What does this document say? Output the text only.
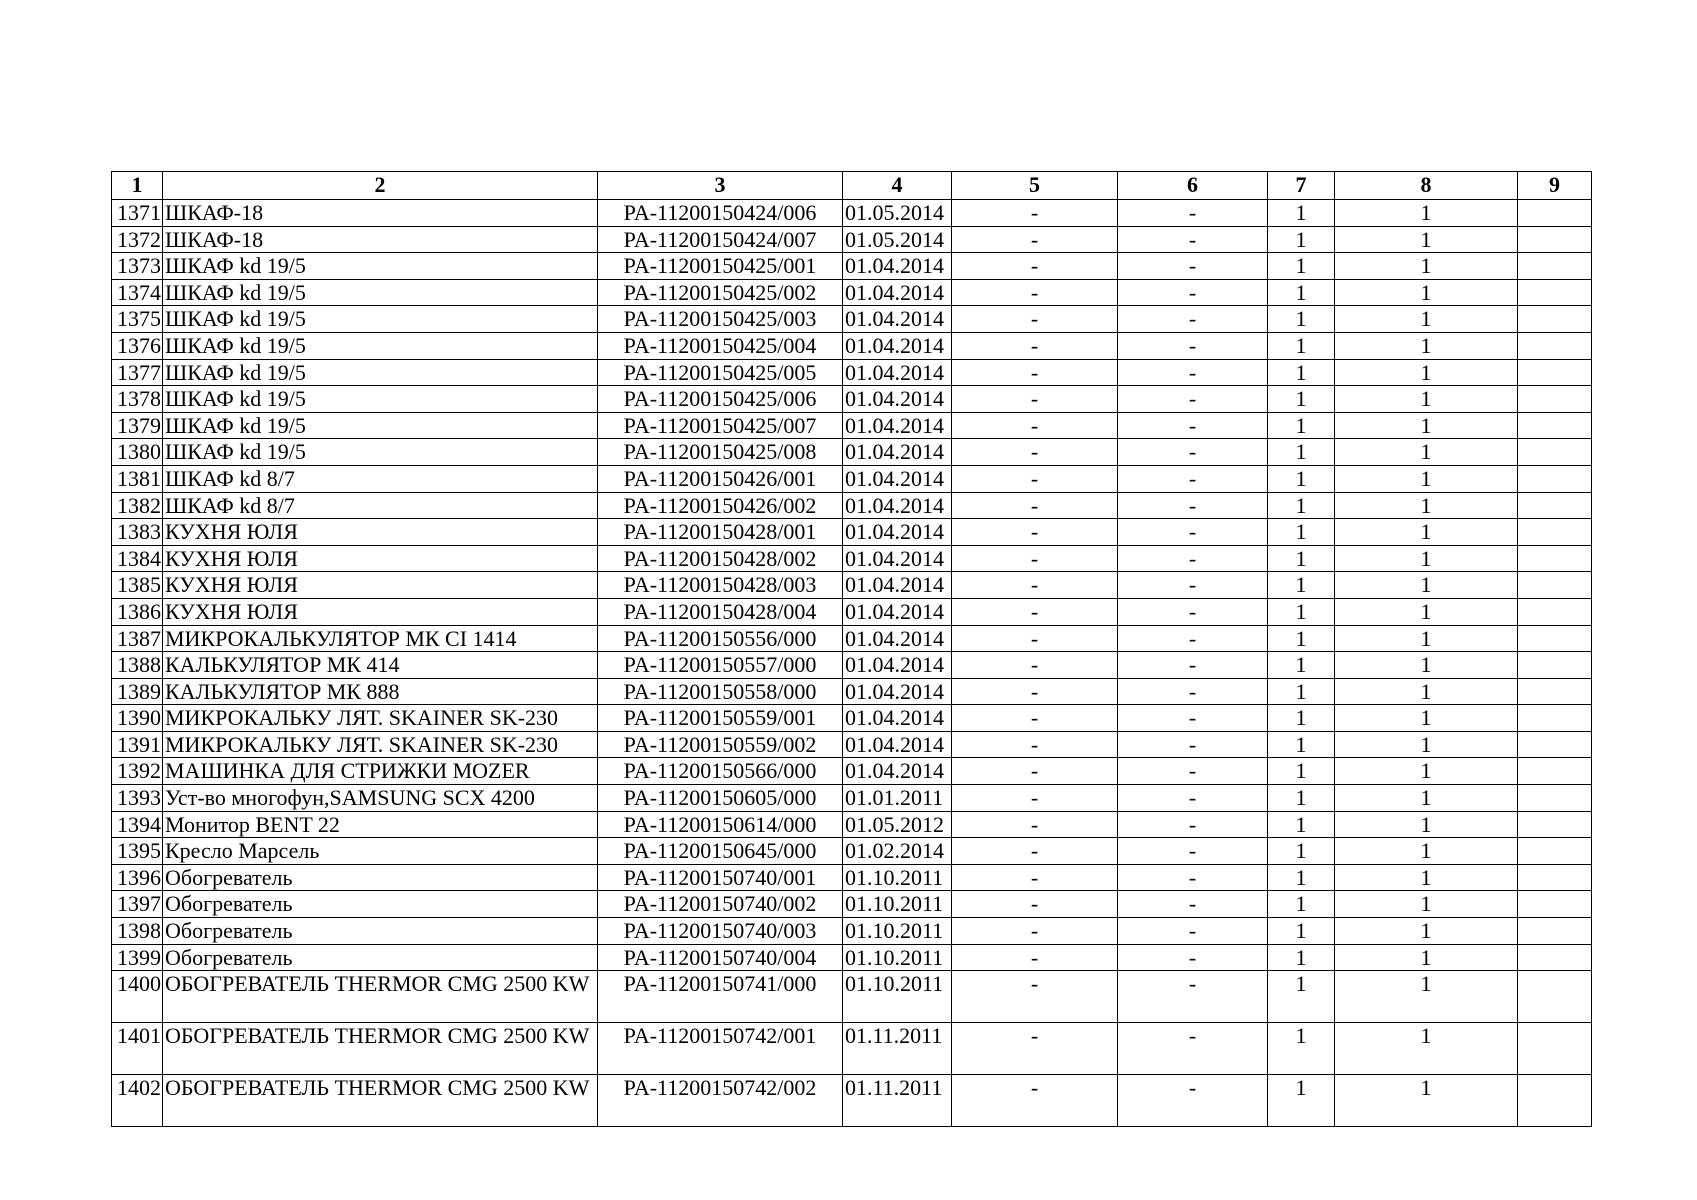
1	2	3	4	5	6	7	8	9
1371	ШКАФ-18	PA-11200150424/006	01.05.2014	-	-	1	1	
1372	ШКАФ-18	PA-11200150424/007	01.05.2014	-	-	1	1	
1373	ШКАФ kd 19/5	PA-11200150425/001	01.04.2014	-	-	1	1	
1374	ШКАФ kd 19/5	PA-11200150425/002	01.04.2014	-	-	1	1	
1375	ШКАФ kd 19/5	PA-11200150425/003	01.04.2014	-	-	1	1	
1376	ШКАФ kd 19/5	PA-11200150425/004	01.04.2014	-	-	1	1	
1377	ШКАФ kd 19/5	PA-11200150425/005	01.04.2014	-	-	1	1	
1378	ШКАФ kd 19/5	PA-11200150425/006	01.04.2014	-	-	1	1	
1379	ШКАФ kd 19/5	PA-11200150425/007	01.04.2014	-	-	1	1	
1380	ШКАФ kd 19/5	PA-11200150425/008	01.04.2014	-	-	1	1	
1381	ШКАФ kd 8/7	PA-11200150426/001	01.04.2014	-	-	1	1	
1382	ШКАФ kd 8/7	PA-11200150426/002	01.04.2014	-	-	1	1	
1383	КУХНЯ ЮЛЯ	PA-11200150428/001	01.04.2014	-	-	1	1	
1384	КУХНЯ ЮЛЯ	PA-11200150428/002	01.04.2014	-	-	1	1	
1385	КУХНЯ ЮЛЯ	PA-11200150428/003	01.04.2014	-	-	1	1	
1386	КУХНЯ ЮЛЯ	PA-11200150428/004	01.04.2014	-	-	1	1	
1387	МИКРОКАЛЬКУЛЯТОР МК CI 1414	PA-11200150556/000	01.04.2014	-	-	1	1	
1388	КАЛЬКУЛЯТОР МК 414	PA-11200150557/000	01.04.2014	-	-	1	1	
1389	КАЛЬКУЛЯТОР МК 888	PA-11200150558/000	01.04.2014	-	-	1	1	
1390	МИКРОКАЛЬКУ ЛЯТ. SKAINER SK-230	PA-11200150559/001	01.04.2014	-	-	1	1	
1391	МИКРОКАЛЬКУ ЛЯТ. SKAINER SK-230	PA-11200150559/002	01.04.2014	-	-	1	1	
1392	МАШИНКА ДЛЯ СТРИЖКИ MOZER	PA-11200150566/000	01.04.2014	-	-	1	1	
1393	Уст-во многофун,SAMSUNG SCX 4200	PA-11200150605/000	01.01.2011	-	-	1	1	
1394	Монитор BENT 22	PA-11200150614/000	01.05.2012	-	-	1	1	
1395	Кресло Марсель	PA-11200150645/000	01.02.2014	-	-	1	1	
1396	Обогреватель	PA-11200150740/001	01.10.2011	-	-	1	1	
1397	Обогреватель	PA-11200150740/002	01.10.2011	-	-	1	1	
1398	Обогреватель	PA-11200150740/003	01.10.2011	-	-	1	1	
1399	Обогреватель	PA-11200150740/004	01.10.2011	-	-	1	1	
1400	ОБОГРЕВАТЕЛЬ THERMOR CMG 2500 KW	PA-11200150741/000	01.10.2011	-	-	1	1	
1401	ОБОГРЕВАТЕЛЬ THERMOR CMG 2500 KW	PA-11200150742/001	01.11.2011	-	-	1	1	
1402	ОБОГРЕВАТЕЛЬ THERMOR CMG 2500 KW	PA-11200150742/002	01.11.2011	-	-	1	1	
